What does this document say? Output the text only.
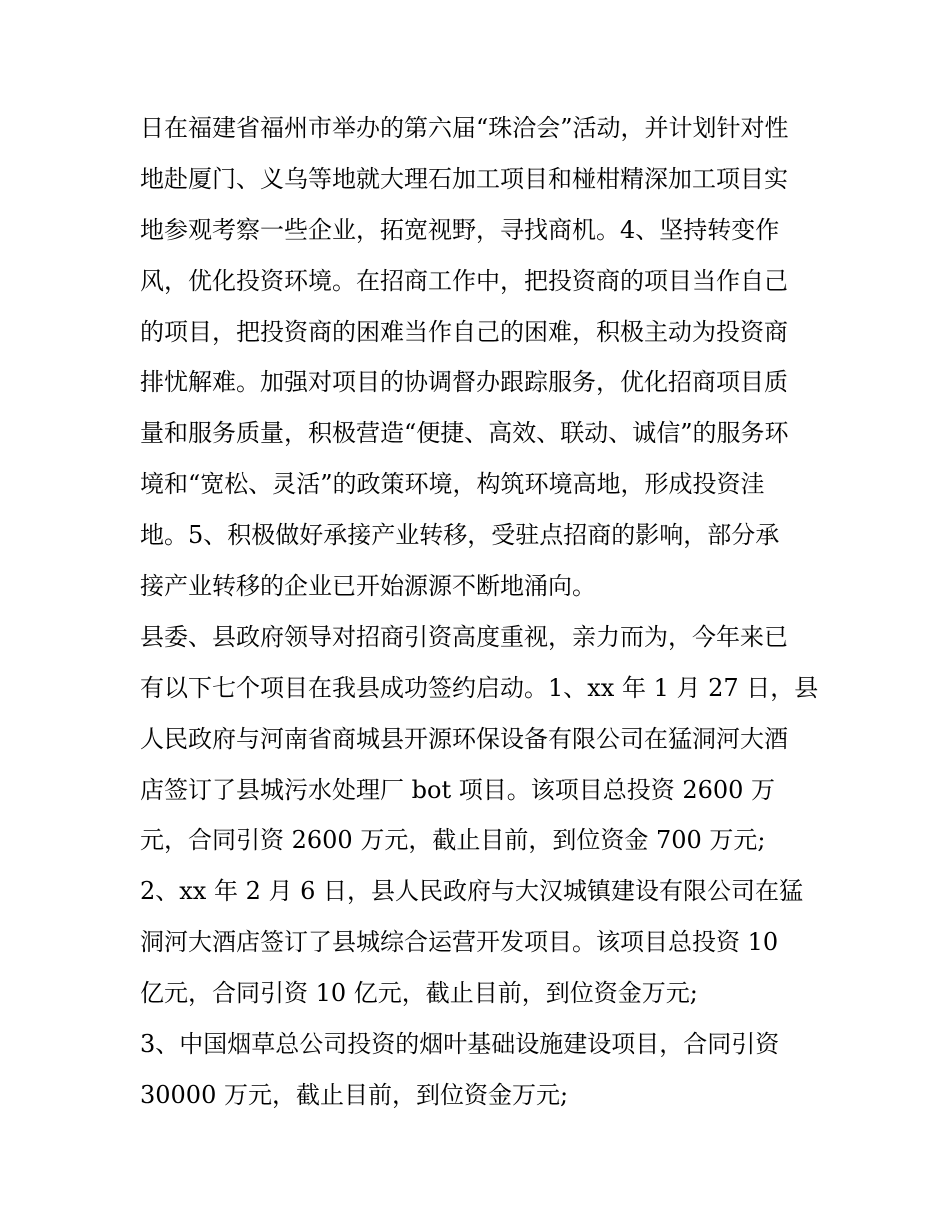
日在福建省福州市举办的第六届“珠洽会”活动，并计划针对性
地赴厦门、义乌等地就大理石加工项目和椪柑精深加工项目实
地参观考察一些企业，拓宽视野，寻找商机。4、坚持转变作
风，优化投资环境。在招商工作中，把投资商的项目当作自己
的项目，把投资商的困难当作自己的困难，积极主动为投资商
排忧解难。加强对项目的协调督办跟踪服务，优化招商项目质
量和服务质量，积极营造“便捷、高效、联动、诚信”的服务环
境和“宽松、灵活”的政策环境，构筑环境高地，形成投资洼
地。5、积极做好承接产业转移，受驻点招商的影响，部分承
接产业转移的企业已开始源源不断地涌向。
县委、县政府领导对招商引资高度重视，亲力而为，今年来已
有以下七个项目在我县成功签约启动。1、xx 年 1 月 27 日，县
人民政府与河南省商城县开源环保设备有限公司在猛洞河大酒
店签订了县城污水处理厂 bot 项目。该项目总投资 2600 万
元，合同引资 2600 万元，截止目前，到位资金 700 万元;
2、xx 年 2 月 6 日，县人民政府与大汉城镇建设有限公司在猛
洞河大酒店签订了县城综合运营开发项目。该项目总投资 10
亿元，合同引资 10 亿元，截止目前，到位资金万元;
3、中国烟草总公司投资的烟叶基础设施建设项目，合同引资
30000 万元，截止目前，到位资金万元;
